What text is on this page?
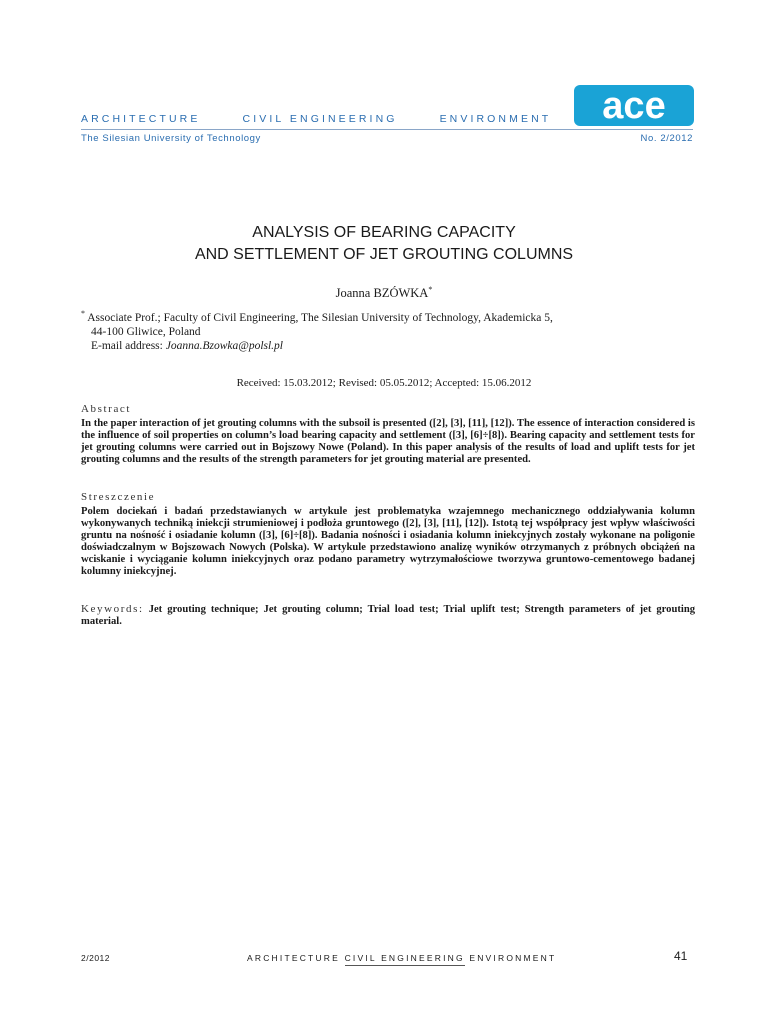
ARCHITECTURE	CIVIL ENGINEERING	ENVIRONMENT
The Silesian University of Technology	No. 2/2012
ace
ANALYSIS OF BEARING CAPACITY
AND SETTLEMENT OF JET GROUTING COLUMNS
Joanna BZÓWKA*
* Associate Prof.; Faculty of Civil Engineering, The Silesian University of Technology, Akademicka 5,
44-100 Gliwice, Poland
E-mail address: Joanna.Bzowka@polsl.pl
Received: 15.03.2012; Revised: 05.05.2012; Accepted: 15.06.2012
Abstract
In the paper interaction of jet grouting columns with the subsoil is presented ([2], [3], [11], [12]). The essence of interaction considered is the influence of soil properties on column’s load bearing capacity and settlement ([3], [6]÷[8]). Bearing capacity and settlement tests for jet grouting columns were carried out in Bojszowy Nowe (Poland). In this paper analysis of the results of load and uplift tests for jet grouting columns and the results of the strength parameters for jet grouting material are presented.
Streszczenie
Polem dociekań i badań przedstawianych w artykule jest problematyka wzajemnego mechanicznego oddziaływania kolumn wykonywanych techniką iniekcji strumieniowej i podłoża gruntowego ([2], [3], [11], [12]). Istotą tej współpracy jest wpływ właściwości gruntu na nośność i osiadanie kolumn ([3], [6]÷[8]). Badania nośności i osiadania kolumn iniekcyjnych zostały wykonane na poligonie doświadczalnym w Bojszowach Nowych (Polska). W artykule przedstawiono analizę wyników otrzymanych z próbnych obciążeń na wciskanie i wyciąganie kolumn iniekcyjnych oraz podano parametry wytrzymałościowe tworzywa gruntowo-cementowego badanej kolumny iniekcyjnej.
Keywords: Jet grouting technique; Jet grouting column; Trial load test; Trial uplift test; Strength parameters of jet grouting material.
2/2012	ARCHITECTURE CIVIL ENGINEERING ENVIRONMENT	41
